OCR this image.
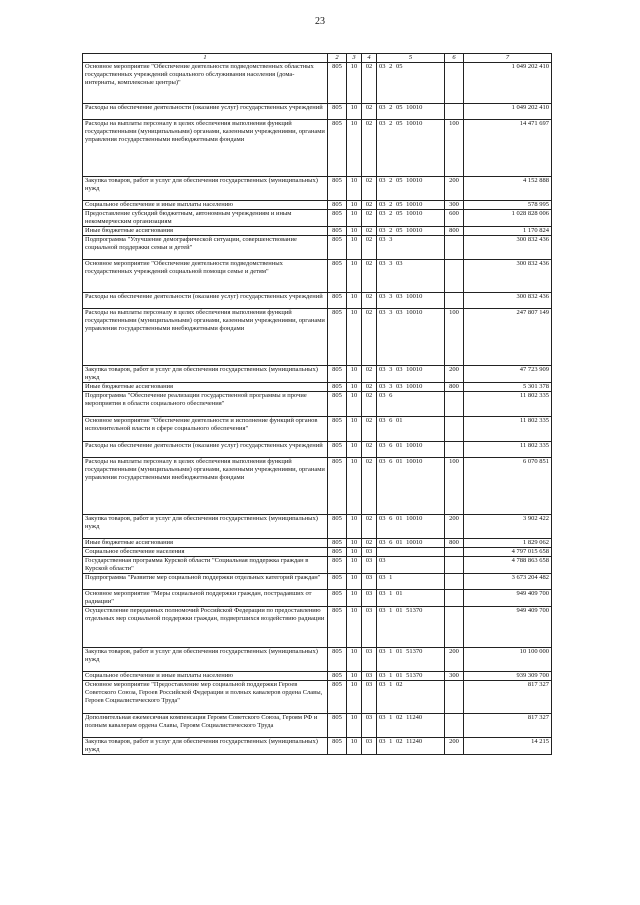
23
1	2	3	4	5	6	7
Основное мероприятие "Обеспечение деятельности подведомственных областных государственных учреждений социального обслуживания населения (дома-интернаты, комплексные центры)"	805	10	02	03 2 05		1 049 202 410
Расходы на обеспечение деятельности (оказание услуг) государственных учреждений	805	10	02	03 2 05 10010		1 049 202 410
Расходы на выплаты персоналу в целях обеспечения выполнения функций государственными (муниципальными) органами, казенными учреждениями, органами управления государственными внебюджетными фондами	805	10	02	03 2 05 10010	100	14 471 697
Закупка товаров, работ и услуг для обеспечения государственных (муниципальных) нужд	805	10	02	03 2 05 10010	200	4 152 888
Социальное обеспечение и иные выплаты населению	805	10	02	03 2 05 10010	300	578 995
Предоставление субсидий бюджетным, автономным учреждениям и иным некоммерческим организациям	805	10	02	03 2 05 10010	600	1 028 828 006
Иные бюджетные ассигнования	805	10	02	03 2 05 10010	800	1 170 824
Подпрограмма "Улучшение демографической ситуации, совершенствование социальной поддержки семьи и детей"	805	10	02	03 3		300 832 436
Основное мероприятие "Обеспечение деятельности подведомственных государственных учреждений социальной помощи семье и детям"	805	10	02	03 3 03		300 832 436
Расходы на обеспечение деятельности (оказание услуг) государственных учреждений	805	10	02	03 3 03 10010		300 832 436
Расходы на выплаты персоналу в целях обеспечения выполнения функций государственными (муниципальными) органами, казенными учреждениями, органами управления государственными внебюджетными фондами	805	10	02	03 3 03 10010	100	247 807 149
Закупка товаров, работ и услуг для обеспечения государственных (муниципальных) нужд	805	10	02	03 3 03 10010	200	47 723 909
Иные бюджетные ассигнования	805	10	02	03 3 03 10010	800	5 301 378
Подпрограмма "Обеспечение реализации государственной программы и прочие мероприятия в области социального обеспечения"	805	10	02	03 6		11 802 335
Основное мероприятие "Обеспечение деятельности и исполнение функций органов исполнительной власти в сфере социального обеспечения"	805	10	02	03 6 01		11 802 335
Расходы на обеспечение деятельности (оказание услуг) государственных учреждений	805	10	02	03 6 01 10010		11 802 335
Расходы на выплаты персоналу в целях обеспечения выполнения функций государственными (муниципальными) органами, казенными учреждениями, органами управления государственными внебюджетными фондами	805	10	02	03 6 01 10010	100	6 070 851
Закупка товаров, работ и услуг для обеспечения государственных (муниципальных) нужд	805	10	02	03 6 01 10010	200	3 902 422
Иные бюджетные ассигнования	805	10	02	03 6 01 10010	800	1 829 062
Социальное обеспечение населения	805	10	03			4 797 015 658
Государственная программа Курской области "Социальная поддержка граждан в Курской области"	805	10	03	03		4 788 863 658
Подпрограмма "Развитие мер социальной поддержки отдельных категорий граждан"	805	10	03	03 1		3 673 204 482
Основное мероприятие "Меры социальной поддержки граждан, пострадавших от радиации"	805	10	03	03 1 01		949 409 700
Осуществление переданных полномочий Российской Федерации по предоставлению отдельных мер социальной поддержки граждан, подвергшихся воздействию радиации	805	10	03	03 1 01 51370		949 409 700
Закупка товаров, работ и услуг для обеспечения государственных (муниципальных) нужд	805	10	03	03 1 01 51370	200	10 100 000
Социальное обеспечение и иные выплаты населению	805	10	03	03 1 01 51370	300	939 309 700
Основное мероприятие "Предоставление мер социальной поддержки Героев Советского Союза, Героев Российской Федерации и полных кавалеров ордена Славы, Героев Социалистического Труда"	805	10	03	03 1 02		817 327
Дополнительная ежемесячная компенсация Героям Советского Союза, Героям РФ и полным кавалерам ордена Славы, Героям Социалистического Труда	805	10	03	03 1 02 11240		817 327
Закупка товаров, работ и услуг для обеспечения государственных (муниципальных) нужд	805	10	03	03 1 02 11240	200	14 215
